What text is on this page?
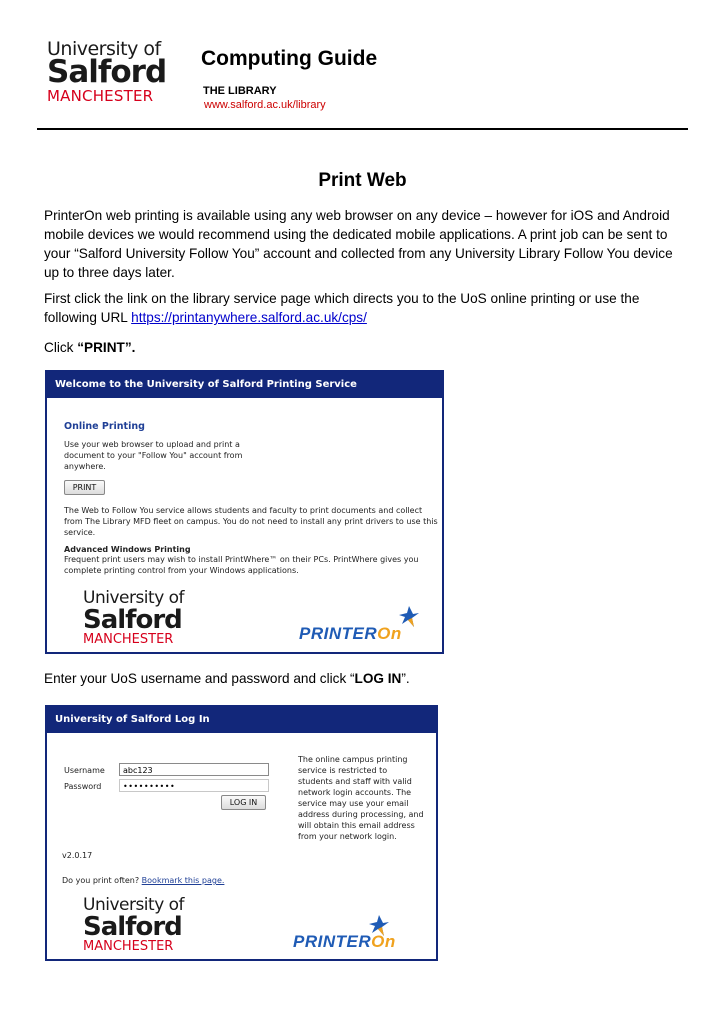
University of
Salford
MANCHESTER
Computing Guide
THE LIBRARY
www.salford.ac.uk/library
Print Web

PrinterOn web printing is available using any web browser on any device – however for iOS and Android mobile devices we would recommend using the dedicated mobile applications. A print job can be sent to your “Salford University Follow You” account and collected from any University Library Follow You device up to three days later.

First click the link on the library service page which directs you to the UoS online printing or use the following URL https://printanywhere.salford.ac.uk/cps/

Click “PRINT”.

Welcome to the University of Salford Printing Service
Online Printing
Use your web browser to upload and print a document to your "Follow You" account from anywhere.
PRINT
The Web to Follow You service allows students and faculty to print documents and collect from The Library MFD fleet on campus. You do not need to install any print drivers to use this service.
Advanced Windows Printing
Frequent print users may wish to install PrintWhere™ on their PCs. PrintWhere gives you complete printing control from your Windows applications.
University of
Salford
MANCHESTER	PRINTEROn

Enter your UoS username and password and click “LOG IN”.

University of Salford Log In
Username	abc123
Password	••••••••••
LOG IN
The online campus printing service is restricted to students and staff with valid network login accounts. The service may use your email address during processing, and will obtain this email address from your network login.
v2.0.17
Do you print often? Bookmark this page.
University of
Salford
MANCHESTER	PRINTEROn
